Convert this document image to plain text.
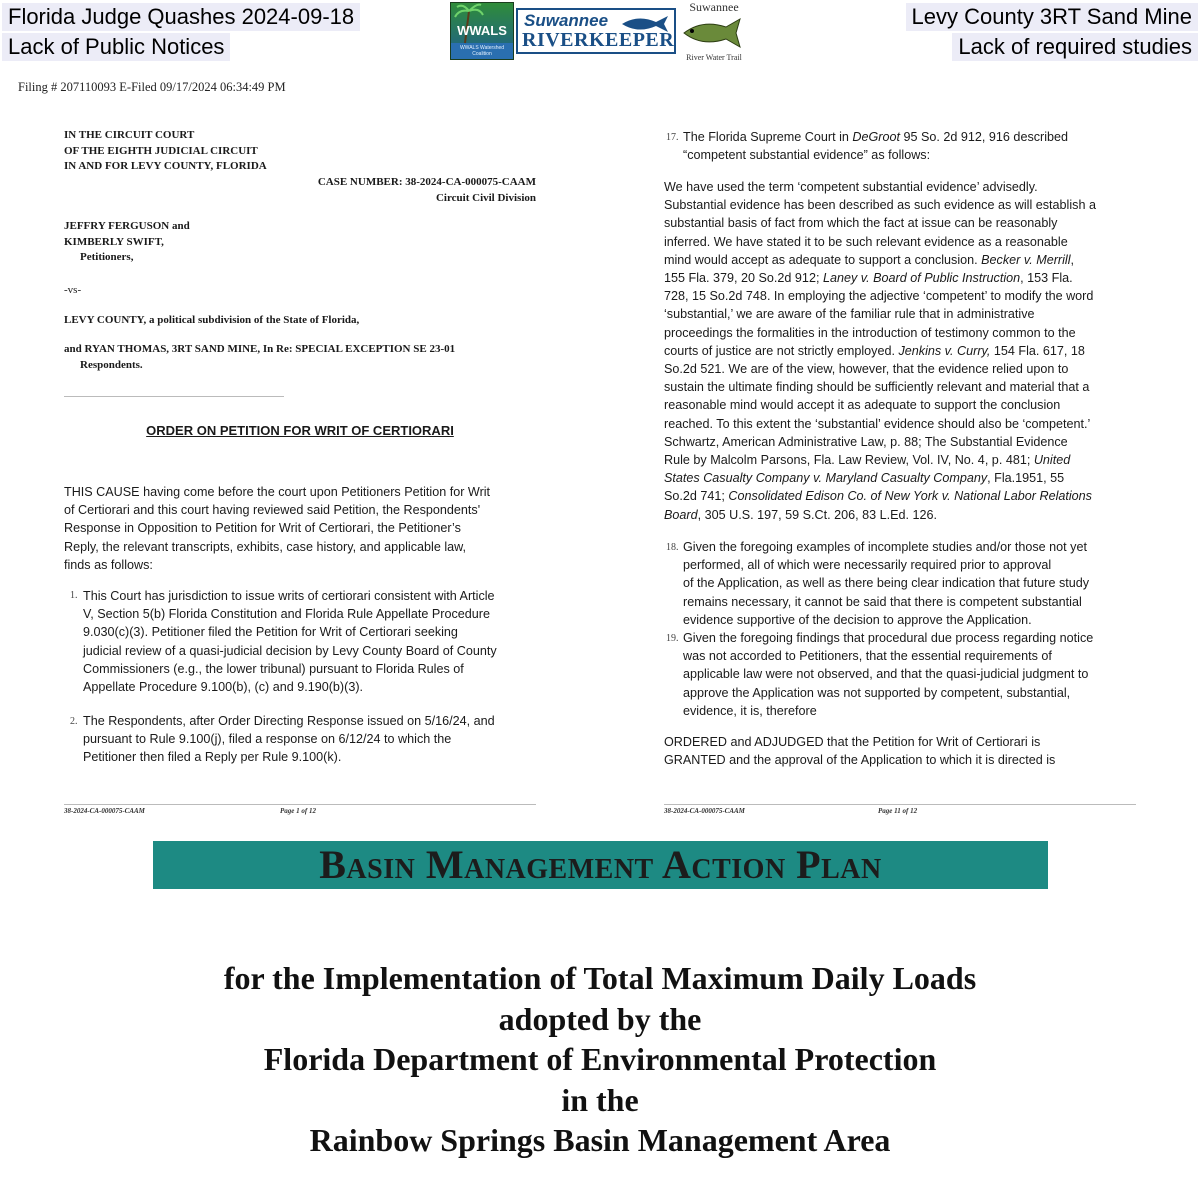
Florida Judge Quashes 2024-09-18
Lack of Public Notices
Levy County 3RT Sand Mine
Lack of required studies
WWALS
WWALS Watershed Coalition
Suwannee
RIVERKEEPER
Suwannee
River Water Trail
Filing # 207110093 E-Filed 09/17/2024 06:34:49 PM
IN THE CIRCUIT COURT
OF THE EIGHTH JUDICIAL CIRCUIT
IN AND FOR LEVY COUNTY, FLORIDA
CASE NUMBER: 38-2024-CA-000075-CAAM
Circuit Civil Division
JEFFRY FERGUSON and
KIMBERLY SWIFT,
Petitioners,
-vs-
LEVY COUNTY, a political subdivision of the State of Florida,
and RYAN THOMAS, 3RT SAND MINE, In Re: SPECIAL EXCEPTION SE 23-01
Respondents.
ORDER ON PETITION FOR WRIT OF CERTIORARI
THIS CAUSE having come before the court upon Petitioners Petition for Writ
of Certiorari and this court having reviewed said Petition, the Respondents'
Response in Opposition to Petition for Writ of Certiorari, the Petitioner’s
Reply, the relevant transcripts, exhibits, case history, and applicable law,
finds as follows:
1. This Court has jurisdiction to issue writs of certiorari consistent with Article
V, Section 5(b) Florida Constitution and Florida Rule Appellate Procedure
9.030(c)(3). Petitioner filed the Petition for Writ of Certiorari seeking
judicial review of a quasi-judicial decision by Levy County Board of County
Commissioners (e.g., the lower tribunal) pursuant to Florida Rules of
Appellate Procedure 9.100(b), (c) and 9.190(b)(3).
2. The Respondents, after Order Directing Response issued on 5/16/24, and
pursuant to Rule 9.100(j), filed a response on 6/12/24 to which the
Petitioner then filed a Reply per Rule 9.100(k).
38-2024-CA-000075-CAAM	Page 1 of 12
17. The Florida Supreme Court in DeGroot 95 So. 2d 912, 916 described
“competent substantial evidence” as follows:
We have used the term ‘competent substantial evidence’ advisedly.
Substantial evidence has been described as such evidence as will establish a
substantial basis of fact from which the fact at issue can be reasonably
inferred. We have stated it to be such relevant evidence as a reasonable
mind would accept as adequate to support a conclusion. Becker v. Merrill,
155 Fla. 379, 20 So.2d 912; Laney v. Board of Public Instruction, 153 Fla.
728, 15 So.2d 748. In employing the adjective ‘competent’ to modify the word
‘substantial,’ we are aware of the familiar rule that in administrative
proceedings the formalities in the introduction of testimony common to the
courts of justice are not strictly employed. Jenkins v. Curry, 154 Fla. 617, 18
So.2d 521. We are of the view, however, that the evidence relied upon to
sustain the ultimate finding should be sufficiently relevant and material that a
reasonable mind would accept it as adequate to support the conclusion
reached. To this extent the ‘substantial’ evidence should also be ‘competent.’
Schwartz, American Administrative Law, p. 88; The Substantial Evidence
Rule by Malcolm Parsons, Fla. Law Review, Vol. IV, No. 4, p. 481; United
States Casualty Company v. Maryland Casualty Company, Fla.1951, 55
So.2d 741; Consolidated Edison Co. of New York v. National Labor Relations
Board, 305 U.S. 197, 59 S.Ct. 206, 83 L.Ed. 126.
18. Given the foregoing examples of incomplete studies and/or those not yet
performed, all of which were necessarily required prior to approval
of the Application, as well as there being clear indication that future study
remains necessary, it cannot be said that there is competent substantial
evidence supportive of the decision to approve the Application.
19. Given the foregoing findings that procedural due process regarding notice
was not accorded to Petitioners, that the essential requirements of
applicable law were not observed, and that the quasi-judicial judgment to
approve the Application was not supported by competent, substantial,
evidence, it is, therefore
ORDERED and ADJUDGED that the Petition for Writ of Certiorari is
GRANTED and the approval of the Application to which it is directed is
38-2024-CA-000075-CAAM	Page 11 of 12
Basin Management Action Plan
for the Implementation of Total Maximum Daily Loads
adopted by the
Florida Department of Environmental Protection
in the
Rainbow Springs Basin Management Area
